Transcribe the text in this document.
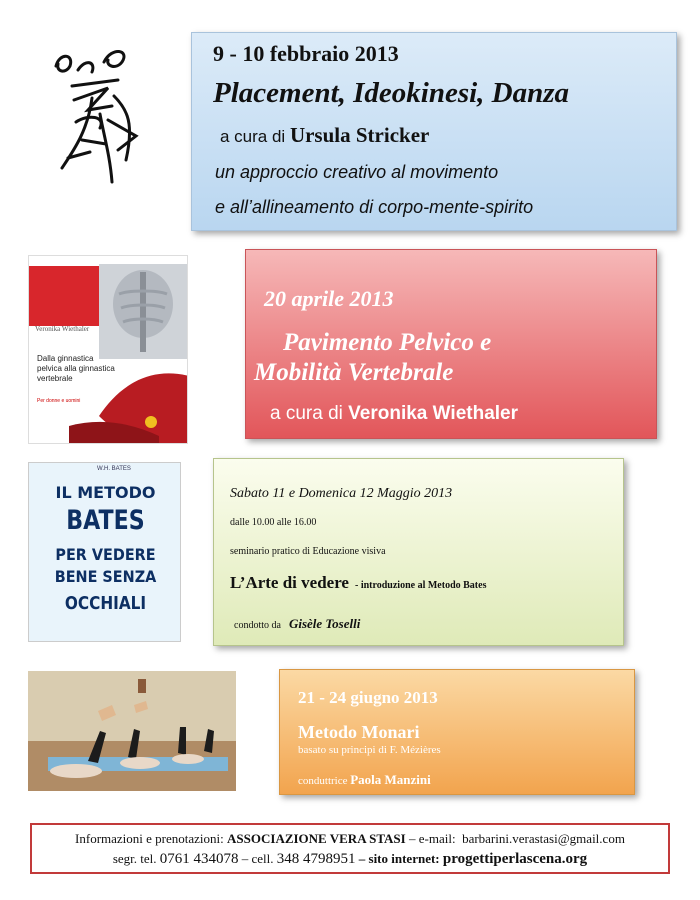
9 - 10 febbraio 2013
Placement, Ideokinesi, Danza
a cura di Ursula Stricker
un approccio creativo al movimento
e all’allineamento di corpo-mente-spirito
Veronika Wiethaler
Dalla ginnastica pelvica alla ginnastica vertebrale
Per donne e uomini
20 aprile 2013
Pavimento Pelvico e
Mobilità Vertebrale
a cura di Veronika Wiethaler
W.H. BATES
IL METODO
BATES
PER VEDERE
BENE SENZA
OCCHIALI
Sabato 11 e Domenica 12 Maggio 2013
dalle 10.00 alle 16.00
seminario pratico di Educazione visiva
L’Arte di vedere - introduzione al Metodo Bates
condotto da Gisèle Toselli
21 - 24 giugno 2013
Metodo Monari
basato su principi di F. Mézières
conduttrice Paola Manzini
Informazioni e prenotazioni: ASSOCIAZIONE VERA STASI – e-mail: barbarini.verastasi@gmail.com
segr. tel. 0761 434078 – cell. 348 4798951 – sito internet: progettiperlascena.org
